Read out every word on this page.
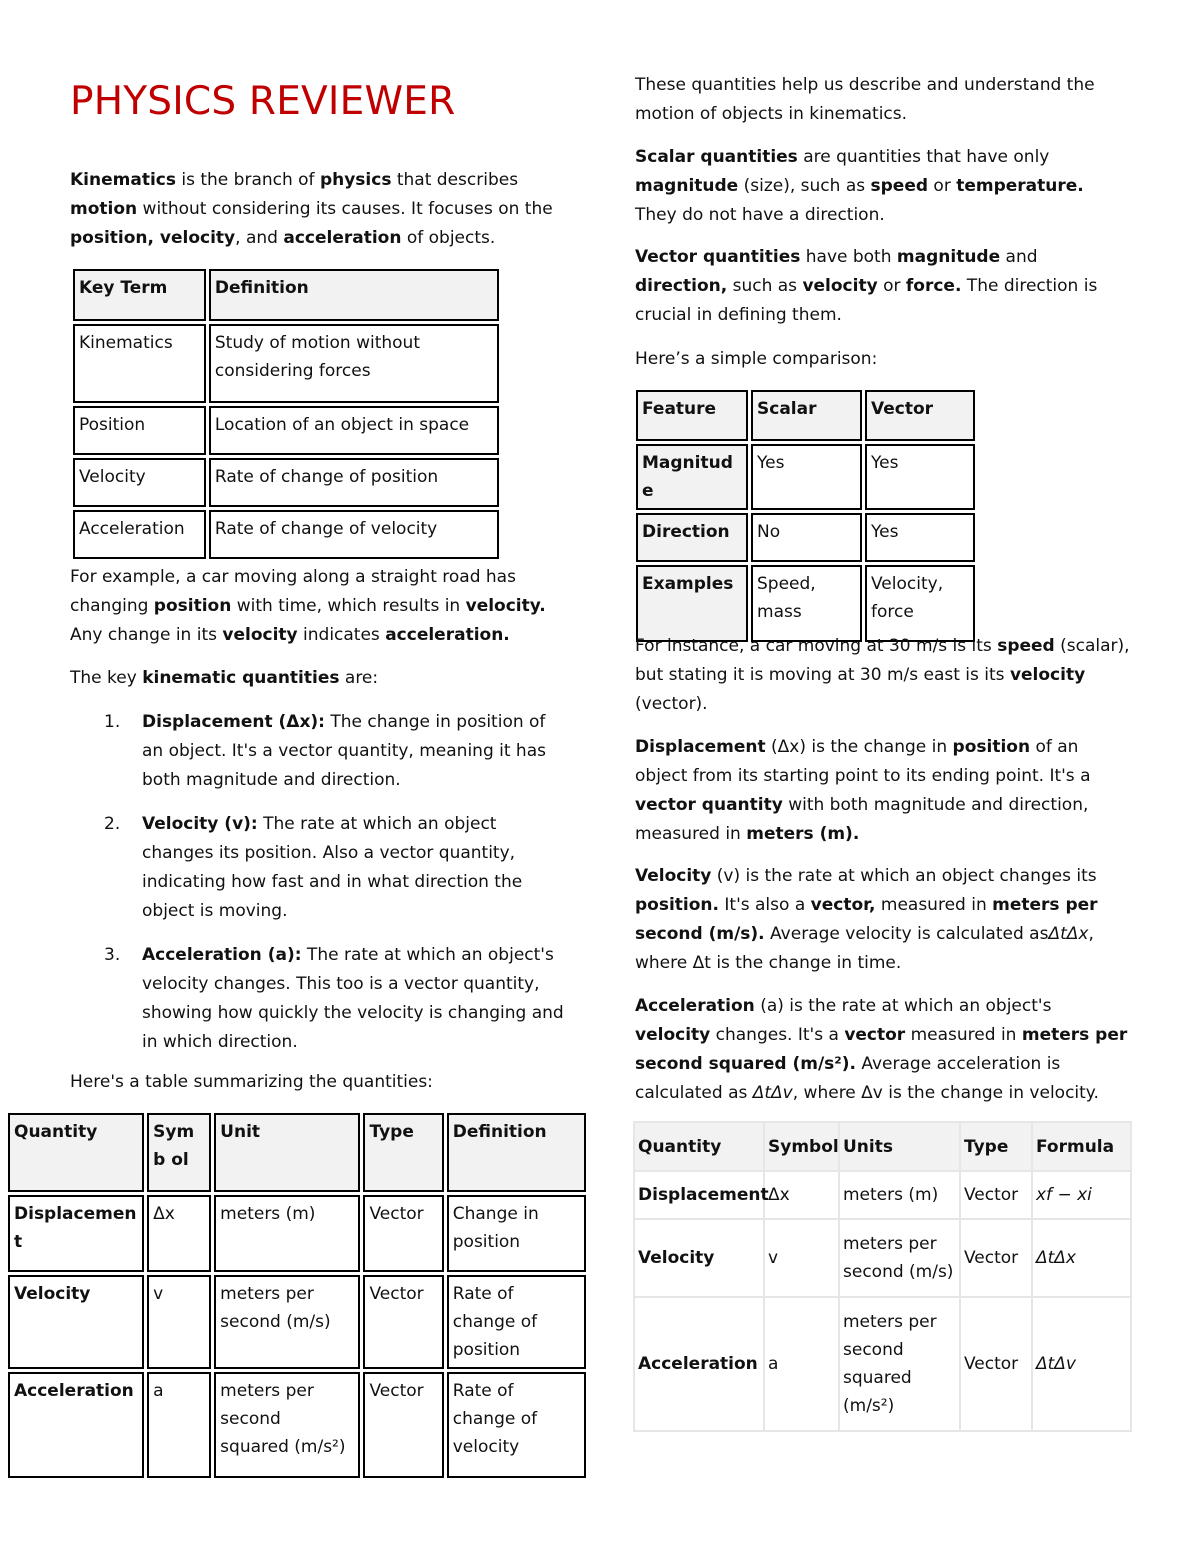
PHYSICS REVIEWER

Kinematics is the branch of physics that describes motion without considering its causes. It focuses on the position, velocity, and acceleration of objects.

Key Term	Definition
Kinematics	Study of motion without considering forces
Position	Location of an object in space
Velocity	Rate of change of position
Acceleration	Rate of change of velocity

For example, a car moving along a straight road has changing position with time, which results in velocity. Any change in its velocity indicates acceleration.

The key kinematic quantities are:

1. Displacement (Δx): The change in position of an object. It's a vector quantity, meaning it has both magnitude and direction.
2. Velocity (v): The rate at which an object changes its position. Also a vector quantity, indicating how fast and in what direction the object is moving.
3. Acceleration (a): The rate at which an object's velocity changes. This too is a vector quantity, showing how quickly the velocity is changing and in which direction.

Here's a table summarizing the quantities:

Quantity	Symb ol	Unit	Type	Definition
Displacement	Δx	meters (m)	Vector	Change in position
Velocity	v	meters per second (m/s)	Vector	Rate of change of position
Acceleration	a	meters per second squared (m/s²)	Vector	Rate of change of velocity

These quantities help us describe and understand the motion of objects in kinematics.

Scalar quantities are quantities that have only magnitude (size), such as speed or temperature. They do not have a direction.

Vector quantities have both magnitude and direction, such as velocity or force. The direction is crucial in defining them.

Here’s a simple comparison:

Feature	Scalar	Vector
Magnitude	Yes	Yes
Direction	No	Yes
Examples	Speed, mass	Velocity, force

For instance, a car moving at 30 m/s is its speed (scalar), but stating it is moving at 30 m/s east is its velocity (vector).

Displacement (Δx) is the change in position of an object from its starting point to its ending point. It's a vector quantity with both magnitude and direction, measured in meters (m).

Velocity (v) is the rate at which an object changes its position. It's also a vector, measured in meters per second (m/s). Average velocity is calculated asΔtΔx, where Δt is the change in time.

Acceleration (a) is the rate at which an object's velocity changes. It's a vector measured in meters per second squared (m/s²). Average acceleration is calculated as ΔtΔv, where Δv is the change in velocity.

Quantity	Symbol	Units	Type	Formula
Displacement	Δx	meters (m)	Vector	xf − xi
Velocity	v	meters per second (m/s)	Vector	ΔtΔx
Acceleration	a	meters per second squared (m/s²)	Vector	ΔtΔv
